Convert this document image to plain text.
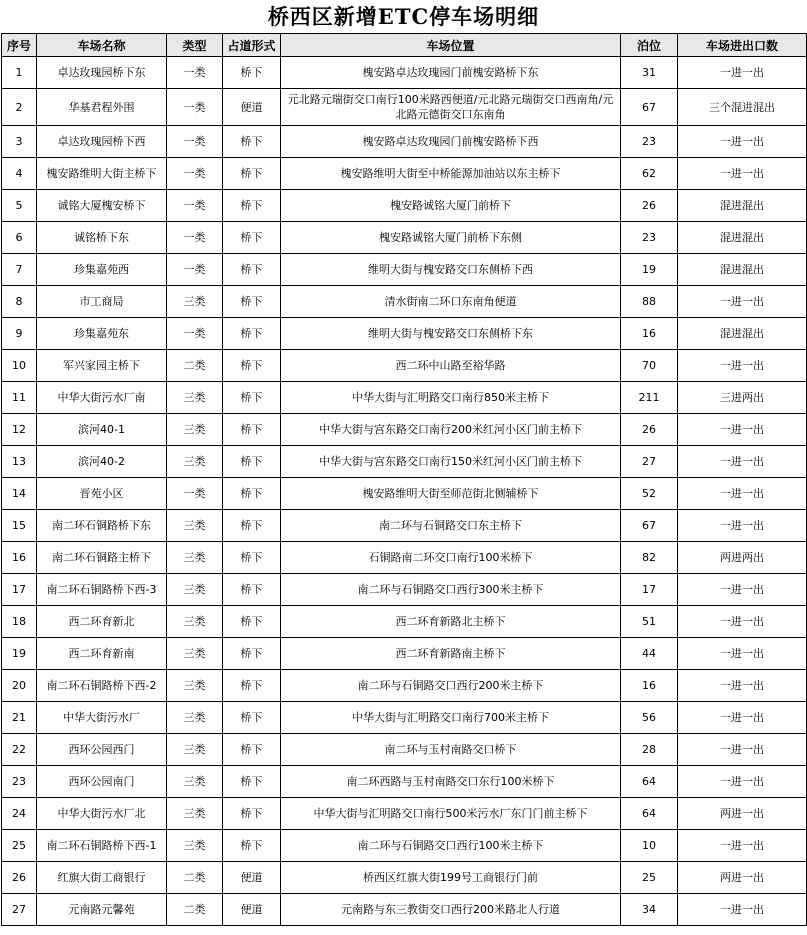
桥西区新增ETC停车场明细
序号	车场名称	类型	占道形式	车场位置	泊位	车场进出口数
1	卓达玫瑰园桥下东	一类	桥下	槐安路卓达玫瑰园门前槐安路桥下东	31	一进一出
2	华基君程外围	一类	便道	元北路元瑞街交口南行100米路西便道/元北路元瑞街交口西南角/元北路元德街交口东南角	67	三个混进混出
3	卓达玫瑰园桥下西	一类	桥下	槐安路卓达玫瑰园门前槐安路桥下西	23	一进一出
4	槐安路维明大街主桥下	一类	桥下	槐安路维明大街至中桥能源加油站以东主桥下	62	一进一出
5	诚铭大厦槐安桥下	一类	桥下	槐安路诚铭大厦门前桥下	26	混进混出
6	诚铭桥下东	一类	桥下	槐安路诚铭大厦门前桥下东侧	23	混进混出
7	珍集嘉苑西	一类	桥下	维明大街与槐安路交口东侧桥下西	19	混进混出
8	市工商局	三类	桥下	清水街南二环口东南角便道	88	一进一出
9	珍集嘉苑东	一类	桥下	维明大街与槐安路交口东侧桥下东	16	混进混出
10	军兴家园主桥下	二类	桥下	西二环中山路至裕华路	70	一进一出
11	中华大街污水厂南	三类	桥下	中华大街与汇明路交口南行850米主桥下	211	三进两出
12	滨河40-1	三类	桥下	中华大街与宫东路交口南行200米红河小区门前主桥下	26	一进一出
13	滨河40-2	三类	桥下	中华大街与宫东路交口南行150米红河小区门前主桥下	27	一进一出
14	晋苑小区	一类	桥下	槐安路维明大街至师范街北侧辅桥下	52	一进一出
15	南二环石铜路桥下东	三类	桥下	南二环与石铜路交口东主桥下	67	一进一出
16	南二环石铜路主桥下	三类	桥下	石铜路南二环交口南行100米桥下	82	两进两出
17	南二环石铜路桥下西-3	三类	桥下	南二环与石铜路交口西行300米主桥下	17	一进一出
18	西二环育新北	三类	桥下	西二环育新路北主桥下	51	一进一出
19	西二环育新南	三类	桥下	西二环育新路南主桥下	44	一进一出
20	南二环石铜路桥下西-2	三类	桥下	南二环与石铜路交口西行200米主桥下	16	一进一出
21	中华大街污水厂	三类	桥下	中华大街与汇明路交口南行700米主桥下	56	一进一出
22	西环公园西门	三类	桥下	南二环与玉村南路交口桥下	28	一进一出
23	西环公园南门	三类	桥下	南二环西路与玉村南路交口东行100米桥下	64	一进一出
24	中华大街污水厂北	三类	桥下	中华大街与汇明路交口南行500米污水厂东门门前主桥下	64	两进一出
25	南二环石铜路桥下西-1	三类	桥下	南二环与石铜路交口西行100米主桥下	10	一进一出
26	红旗大街工商银行	二类	便道	桥西区红旗大街199号工商银行门前	25	两进一出
27	元南路元馨苑	二类	便道	元南路与东三教街交口西行200米路北人行道	34	一进一出
